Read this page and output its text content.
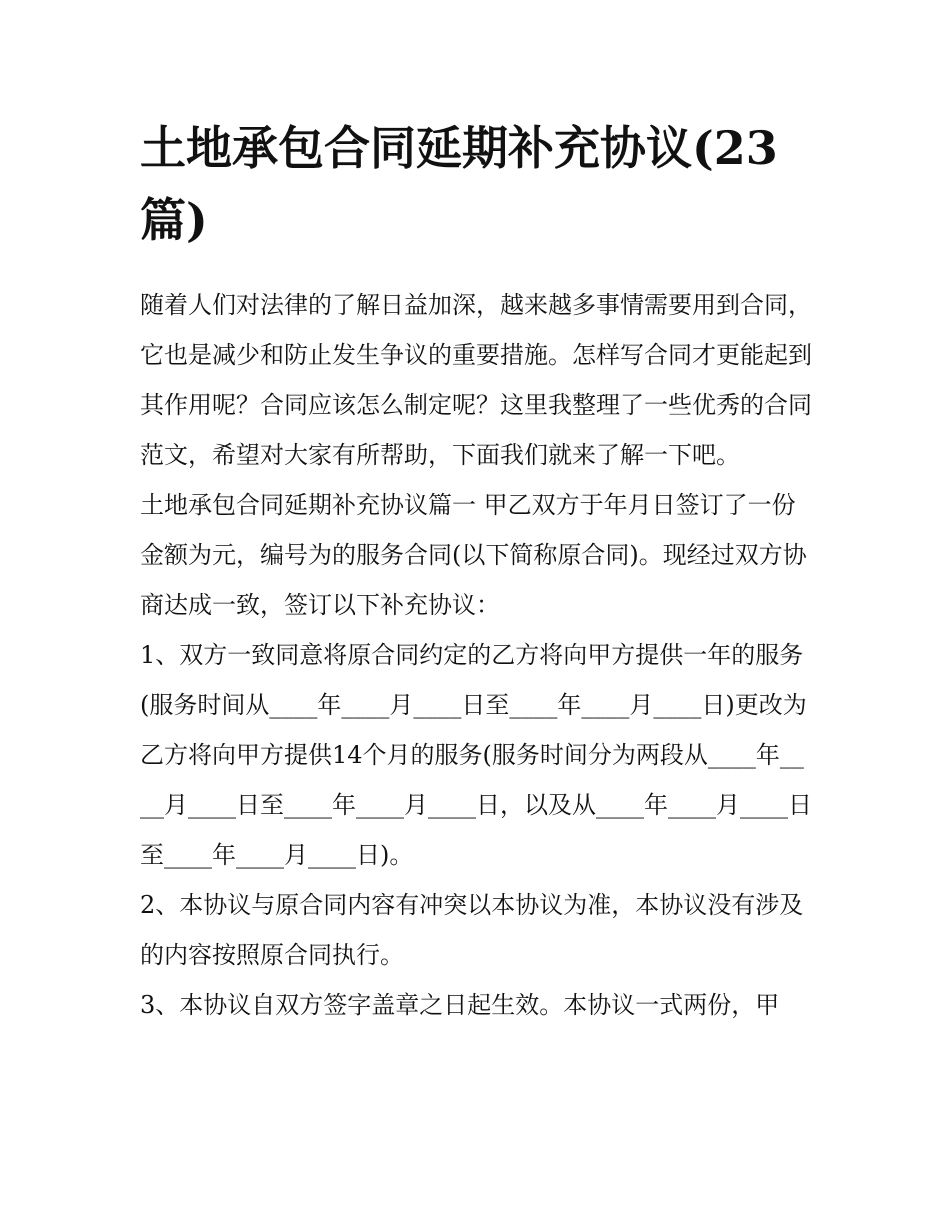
土地承包合同延期补充协议(23篇)

随着人们对法律的了解日益加深，越来越多事情需要用到合同，它也是减少和防止发生争议的重要措施。怎样写合同才更能起到其作用呢？合同应该怎么制定呢？这里我整理了一些优秀的合同范文，希望对大家有所帮助，下面我们就来了解一下吧。

土地承包合同延期补充协议篇一 甲乙双方于年月日签订了一份金额为元，编号为的服务合同(以下简称原合同)。现经过双方协商达成一致，签订以下补充协议：

1、双方一致同意将原合同约定的乙方将向甲方提供一年的服务(服务时间从____年____月____日至____年____月____日)更改为乙方将向甲方提供14个月的服务(服务时间分为两段从____年____月____日至____年____月____日，以及从____年____月____日至____年____月____日)。

2、本协议与原合同内容有冲突以本协议为准，本协议没有涉及的内容按照原合同执行。

3、本协议自双方签字盖章之日起生效。本协议一式两份，甲
